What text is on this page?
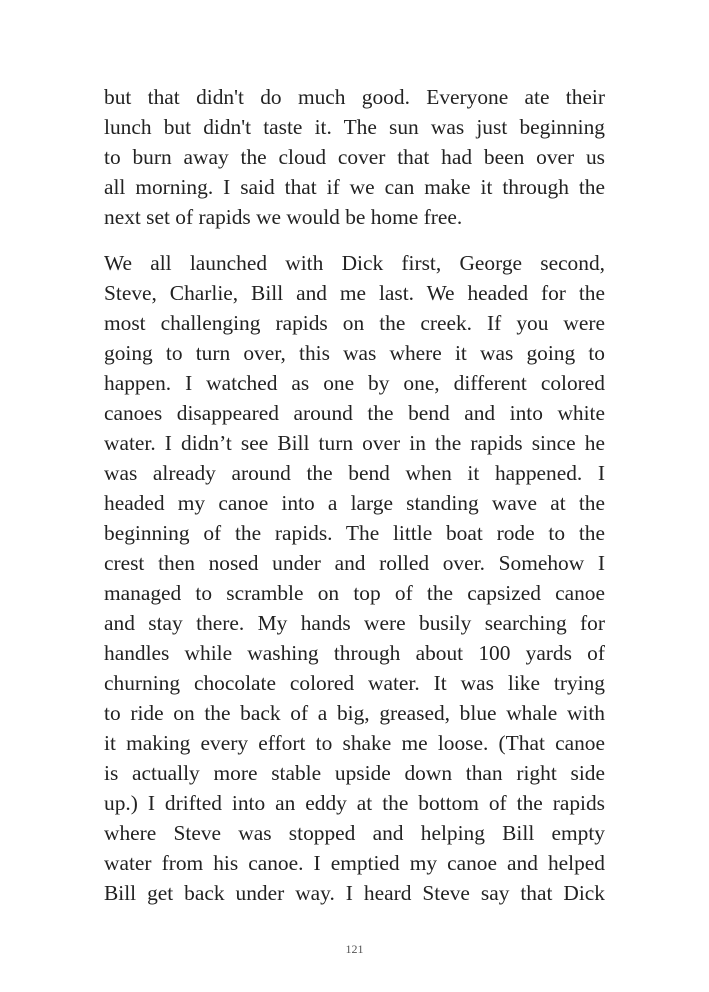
but that didn't do much good. Everyone ate their
lunch but didn't taste it. The sun was just beginning
to burn away the cloud cover that had been over us
all morning. I said that if we can make it through the
next set of rapids we would be home free.

We all launched with Dick first, George second,
Steve, Charlie, Bill and me last. We headed for the
most challenging rapids on the creek. If you were
going to turn over, this was where it was going to
happen. I watched as one by one, different colored
canoes disappeared around the bend and into white
water. I didn’t see Bill turn over in the rapids since he
was already around the bend when it happened. I
headed my canoe into a large standing wave at the
beginning of the rapids. The little boat rode to the
crest then nosed under and rolled over. Somehow I
managed to scramble on top of the capsized canoe
and stay there. My hands were busily searching for
handles while washing through about 100 yards of
churning chocolate colored water. It was like trying
to ride on the back of a big, greased, blue whale with
it making every effort to shake me loose. (That canoe
is actually more stable upside down than right side
up.) I drifted into an eddy at the bottom of the rapids
where Steve was stopped and helping Bill empty
water from his canoe. I emptied my canoe and helped
Bill get back under way. I heard Steve say that Dick

121
